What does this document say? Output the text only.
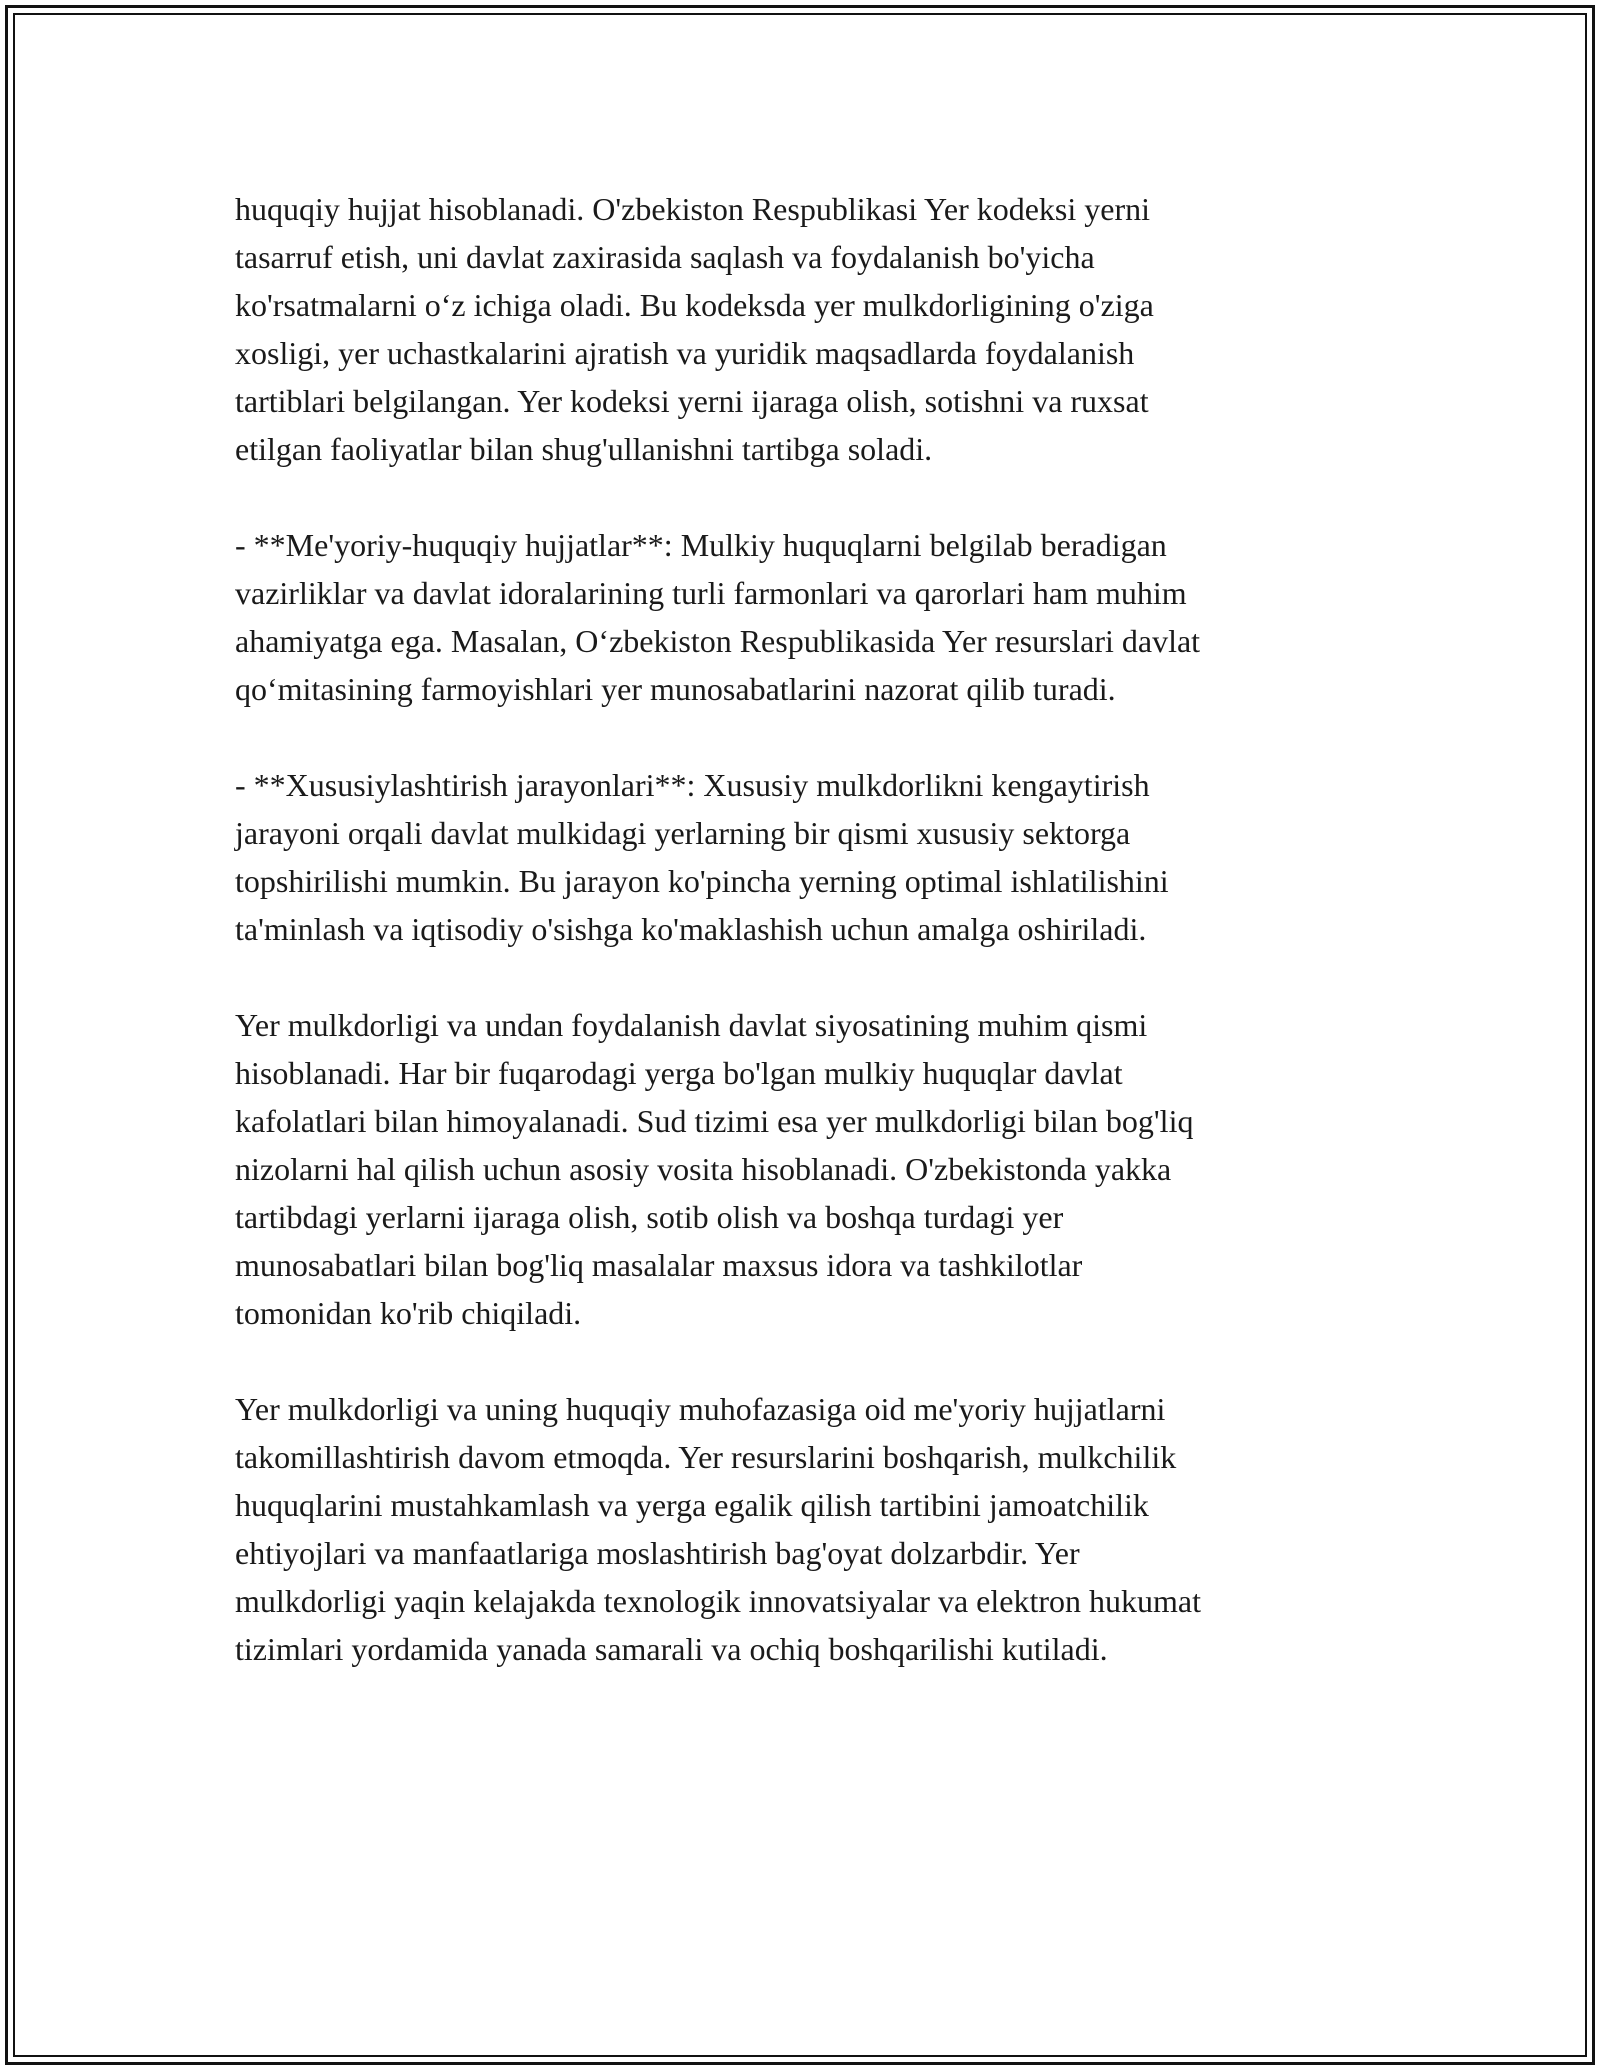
huquqiy hujjat hisoblanadi. O'zbekiston Respublikasi Yer kodeksi yerni
tasarruf etish, uni davlat zaxirasida saqlash va foydalanish bo'yicha
ko'rsatmalarni o‘z ichiga oladi. Bu kodeksda yer mulkdorligining o'ziga
xosligi, yer uchastkalarini ajratish va yuridik maqsadlarda foydalanish
tartiblari belgilangan. Yer kodeksi yerni ijaraga olish, sotishni va ruxsat
etilgan faoliyatlar bilan shug'ullanishni tartibga soladi.

- **Me'yoriy-huquqiy hujjatlar**: Mulkiy huquqlarni belgilab beradigan
vazirliklar va davlat idoralarining turli farmonlari va qarorlari ham muhim
ahamiyatga ega. Masalan, O‘zbekiston Respublikasida Yer resurslari davlat
qo‘mitasining farmoyishlari yer munosabatlarini nazorat qilib turadi.

- **Xususiylashtirish jarayonlari**: Xususiy mulkdorlikni kengaytirish
jarayoni orqali davlat mulkidagi yerlarning bir qismi xususiy sektorga
topshirilishi mumkin. Bu jarayon ko'pincha yerning optimal ishlatilishini
ta'minlash va iqtisodiy o'sishga ko'maklashish uchun amalga oshiriladi.

Yer mulkdorligi va undan foydalanish davlat siyosatining muhim qismi
hisoblanadi. Har bir fuqarodagi yerga bo'lgan mulkiy huquqlar davlat
kafolatlari bilan himoyalanadi. Sud tizimi esa yer mulkdorligi bilan bog'liq
nizolarni hal qilish uchun asosiy vosita hisoblanadi. O'zbekistonda yakka
tartibdagi yerlarni ijaraga olish, sotib olish va boshqa turdagi yer
munosabatlari bilan bog'liq masalalar maxsus idora va tashkilotlar
tomonidan ko'rib chiqiladi.

Yer mulkdorligi va uning huquqiy muhofazasiga oid me'yoriy hujjatlarni
takomillashtirish davom etmoqda. Yer resurslarini boshqarish, mulkchilik
huquqlarini mustahkamlash va yerga egalik qilish tartibini jamoatchilik
ehtiyojlari va manfaatlariga moslashtirish bag'oyat dolzarbdir. Yer
mulkdorligi yaqin kelajakda texnologik innovatsiyalar va elektron hukumat
tizimlari yordamida yanada samarali va ochiq boshqarilishi kutiladi.
